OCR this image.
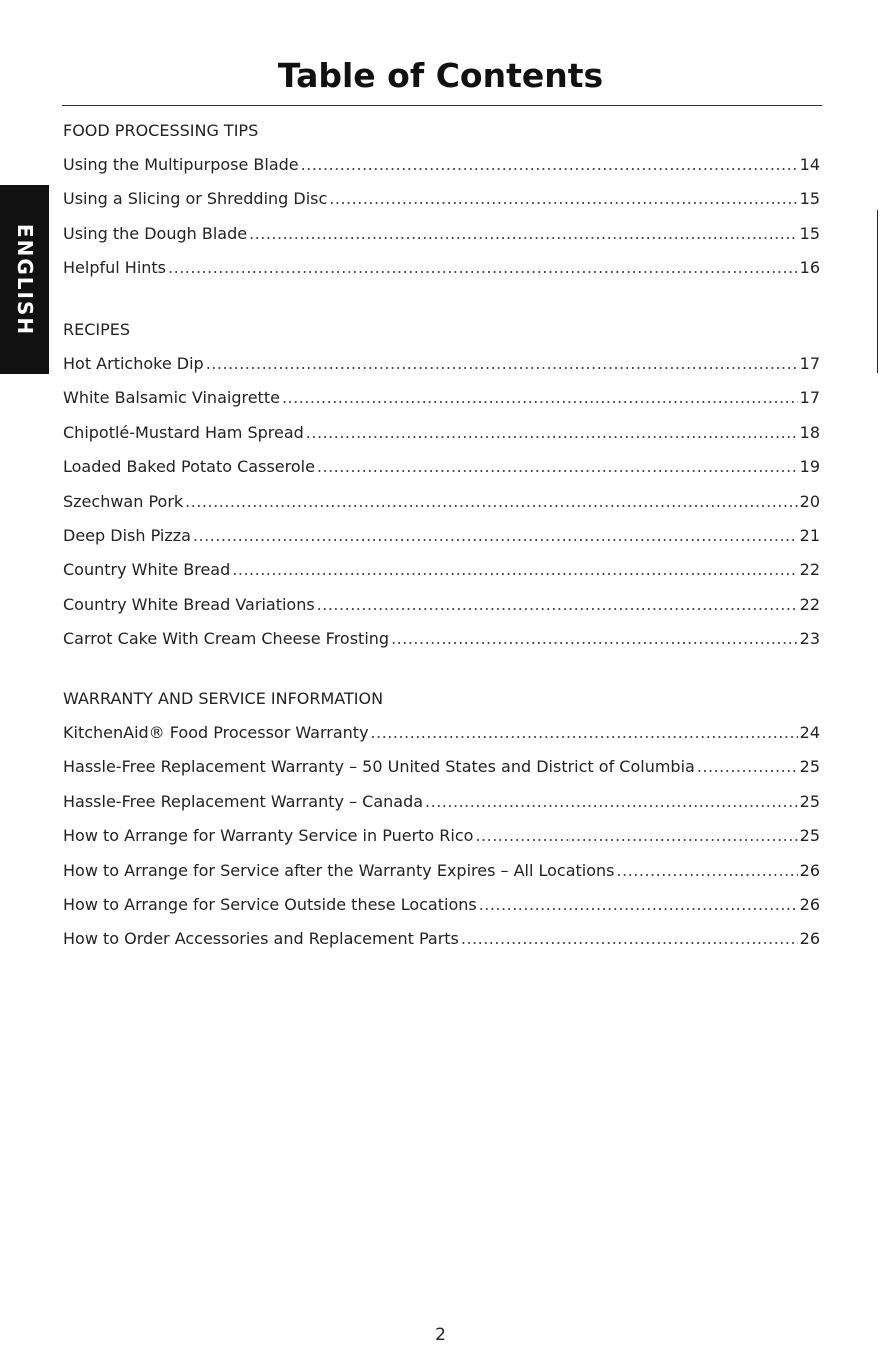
ENGLISH
Table of Contents
FOOD PROCESSING TIPS
Using the Multipurpose Blade .....	14
Using a Slicing or Shredding Disc .....	15
Using the Dough Blade .....	15
Helpful Hints .....	16
RECIPES
Hot Artichoke Dip .....	17
White Balsamic Vinaigrette .....	17
Chipotlé-Mustard Ham Spread .....	18
Loaded Baked Potato Casserole .....	19
Szechwan Pork .....	20
Deep Dish Pizza .....	21
Country White Bread .....	22
Country White Bread Variations .....	22
Carrot Cake With Cream Cheese Frosting .....	23
WARRANTY AND SERVICE INFORMATION
KitchenAid® Food Processor Warranty .....	24
Hassle-Free Replacement Warranty – 50 United States and District of Columbia .....	25
Hassle-Free Replacement Warranty – Canada .....	25
How to Arrange for Warranty Service in Puerto Rico .....	25
How to Arrange for Service after the Warranty Expires – All Locations .....	26
How to Arrange for Service Outside these Locations .....	26
How to Order Accessories and Replacement Parts .....	26
2
